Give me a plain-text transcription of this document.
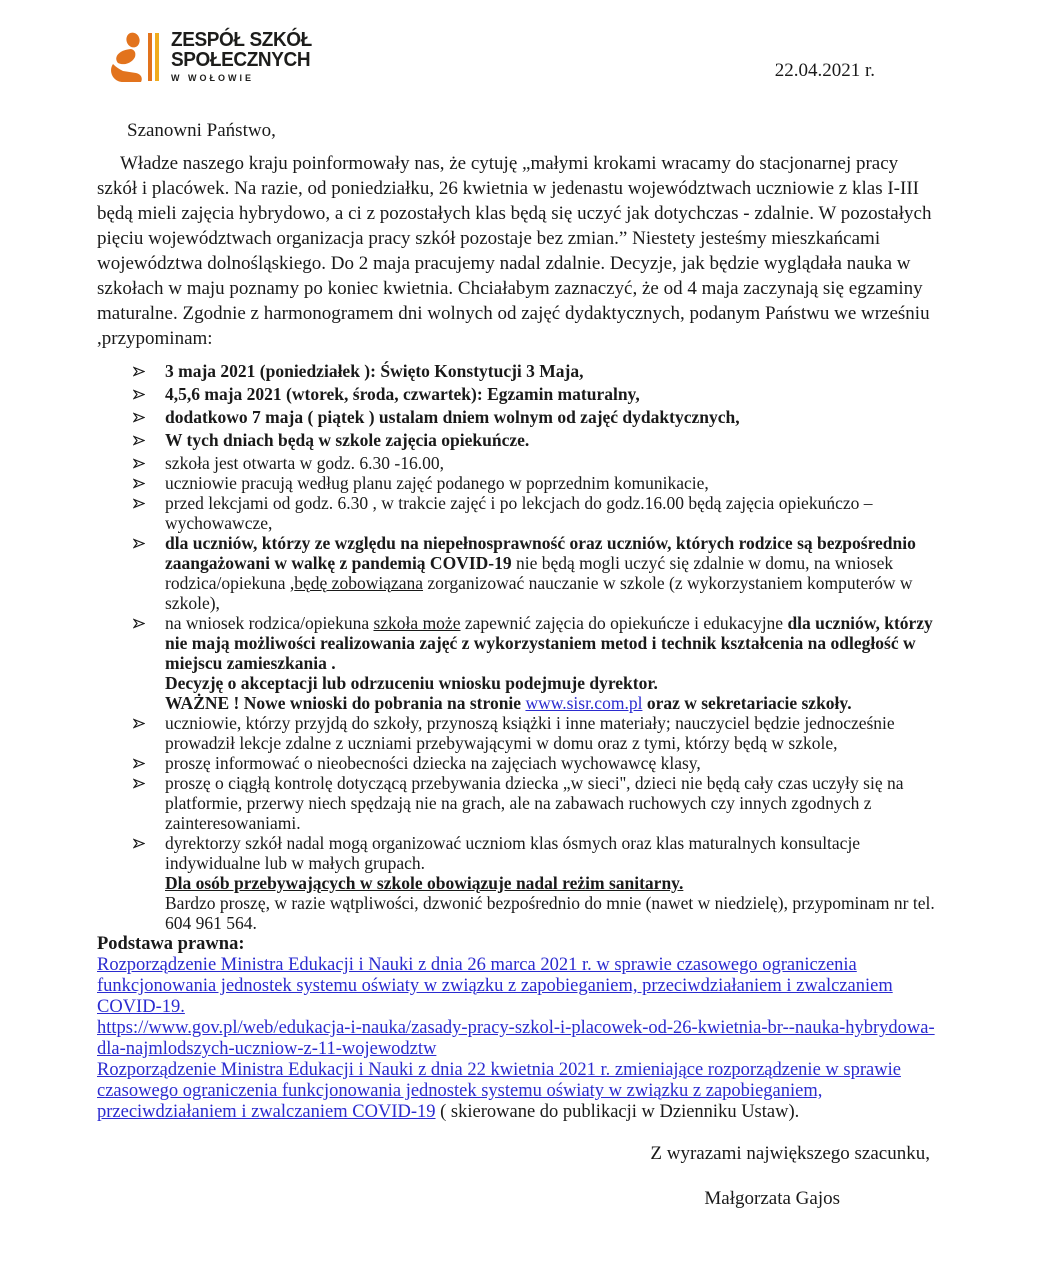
ZESPÓŁ SZKÓŁ
SPOŁECZNYCH
W WOŁOWIE	22.04.2021 r.

Szanowni Państwo,

Władze naszego kraju poinformowały nas, że cytuję „małymi krokami wracamy do stacjonarnej pracy szkół i placówek. Na razie, od poniedziałku, 26 kwietnia w jedenastu województwach uczniowie z klas I-III będą mieli zajęcia hybrydowo, a ci z pozostałych klas będą się uczyć jak dotychczas - zdalnie. W pozostałych pięciu województwach organizacja pracy szkół pozostaje bez zmian.” Niestety jesteśmy mieszkańcami województwa dolnośląskiego. Do 2 maja pracujemy nadal zdalnie. Decyzje, jak będzie wyglądała nauka w szkołach w maju poznamy po koniec kwietnia. Chciałabym zaznaczyć, że od 4 maja zaczynają się egzaminy maturalne. Zgodnie z harmonogramem dni wolnych od zajęć dydaktycznych, podanym Państwu we wrześniu ,przypominam:

3 maja 2021 (poniedziałek ): Święto Konstytucji 3 Maja,
4,5,6 maja 2021 (wtorek, środa, czwartek): Egzamin maturalny,
dodatkowo 7 maja ( piątek ) ustalam dniem wolnym od zajęć dydaktycznych,
W tych dniach będą w szkole zajęcia opiekuńcze.
szkoła jest otwarta w godz. 6.30 -16.00,
uczniowie pracują według planu zajęć podanego w poprzednim komunikacie,
przed lekcjami od godz. 6.30 , w trakcie zajęć i po lekcjach do godz.16.00 będą zajęcia opiekuńczo – wychowawcze,
dla uczniów, którzy ze względu na niepełnosprawność oraz uczniów, których rodzice są bezpośrednio zaangażowani w walkę z pandemią COVID-19 nie będą mogli uczyć się zdalnie w domu, na wniosek rodzica/opiekuna ,będę zobowiązana zorganizować nauczanie w szkole (z wykorzystaniem komputerów w szkole),
na wniosek rodzica/opiekuna szkoła może zapewnić zajęcia do opiekuńcze i edukacyjne dla uczniów, którzy nie mają możliwości realizowania zajęć z wykorzystaniem metod i technik kształcenia na odległość w miejscu zamieszkania .
Decyzję o akceptacji lub odrzuceniu wniosku podejmuje dyrektor.
WAŻNE ! Nowe wnioski do pobrania na stronie www.sisr.com.pl oraz w sekretariacie szkoły.
uczniowie, którzy przyjdą do szkoły, przynoszą książki i inne materiały; nauczyciel będzie jednocześnie prowadził lekcje zdalne z uczniami przebywającymi w domu oraz z tymi, którzy będą w szkole,
proszę informować o nieobecności dziecka na zajęciach wychowawcę klasy,
proszę o ciągłą kontrolę dotyczącą przebywania dziecka „w sieci'', dzieci nie będą cały czas uczyły się na platformie, przerwy niech spędzają nie na grach, ale na zabawach ruchowych czy innych zgodnych z zainteresowaniami.
dyrektorzy szkół nadal mogą organizować uczniom klas ósmych oraz klas maturalnych konsultacje indywidualne lub w małych grupach.
Dla osób przebywających w szkole obowiązuje nadal reżim sanitarny.
Bardzo proszę, w razie wątpliwości, dzwonić bezpośrednio do mnie (nawet w niedzielę), przypominam nr tel. 604 961 564.

Podstawa prawna:

Rozporządzenie Ministra Edukacji i Nauki z dnia 26 marca 2021 r. w sprawie czasowego ograniczenia funkcjonowania jednostek systemu oświaty w związku z zapobieganiem, przeciwdziałaniem i zwalczaniem COVID-19.

https://www.gov.pl/web/edukacja-i-nauka/zasady-pracy-szkol-i-placowek-od-26-kwietnia-br--nauka-hybrydowa-dla-najmlodszych-uczniow-z-11-wojewodztw

Rozporządzenie Ministra Edukacji i Nauki z dnia 22 kwietnia 2021 r. zmieniające rozporządzenie w sprawie czasowego ograniczenia funkcjonowania jednostek systemu oświaty w związku z zapobieganiem, przeciwdziałaniem i zwalczaniem COVID-19 ( skierowane do publikacji w Dzienniku Ustaw).

Z wyrazami największego szacunku,

Małgorzata Gajos
